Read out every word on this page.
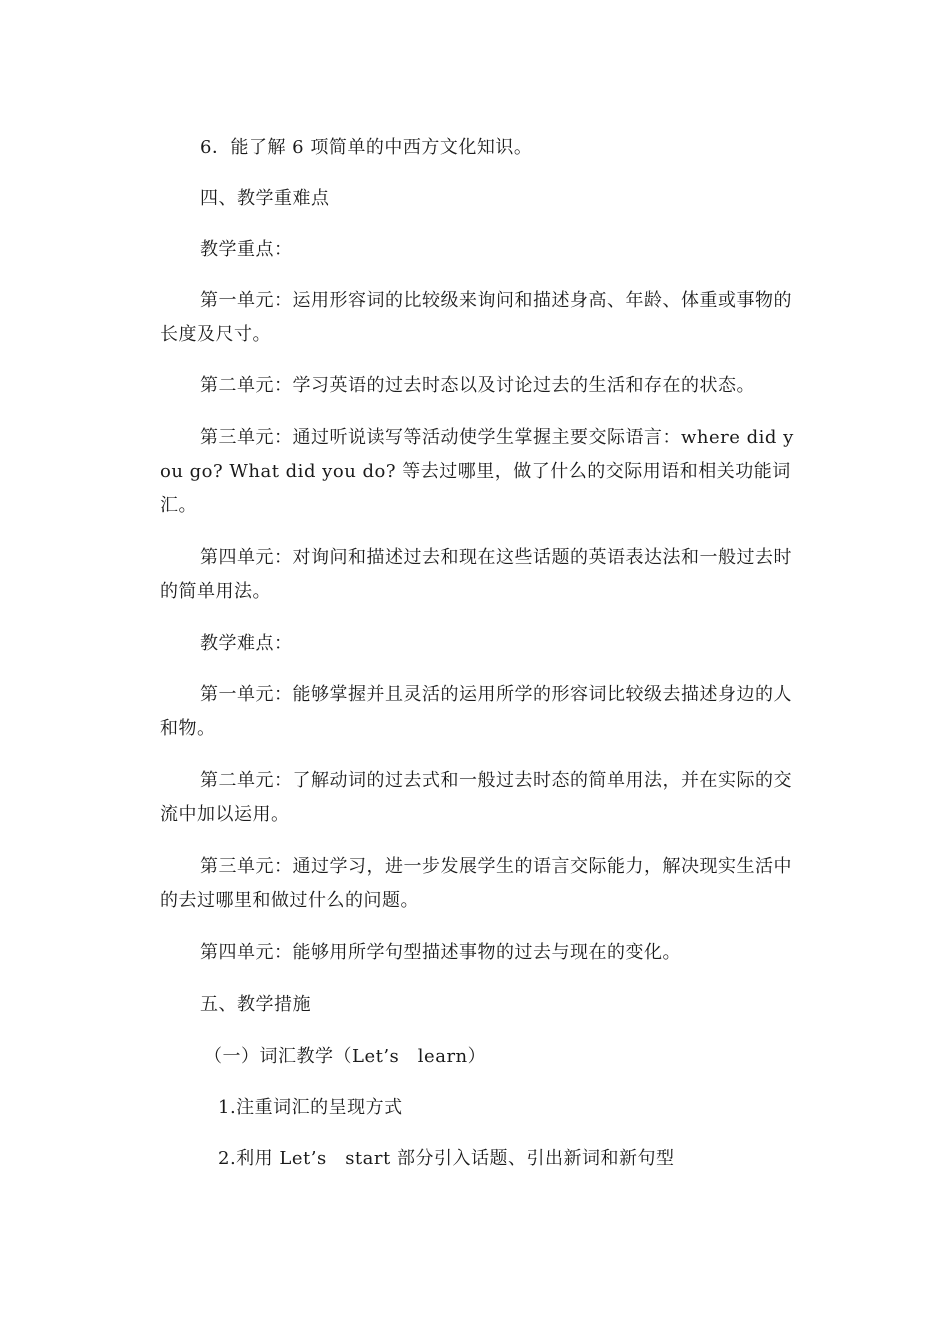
6．能了解 6 项简单的中西方文化知识。

四、教学重难点

教学重点：

第一单元：运用形容词的比较级来询问和描述身高、年龄、体重或事物的长度及尺寸。

第二单元：学习英语的过去时态以及讨论过去的生活和存在的状态。

第三单元：通过听说读写等活动使学生掌握主要交际语言：where did you go? What did you do? 等去过哪里，做了什么的交际用语和相关功能词汇。

第四单元：对询问和描述过去和现在这些话题的英语表达法和一般过去时的简单用法。

教学难点：

第一单元：能够掌握并且灵活的运用所学的形容词比较级去描述身边的人和物。

第二单元：了解动词的过去式和一般过去时态的简单用法，并在实际的交流中加以运用。

第三单元：通过学习，进一步发展学生的语言交际能力，解决现实生活中的去过哪里和做过什么的问题。

第四单元：能够用所学句型描述事物的过去与现在的变化。

五、教学措施

（一）词汇教学（Let’s　learn）

1.注重词汇的呈现方式

2.利用 Let’s　start 部分引入话题、引出新词和新句型
